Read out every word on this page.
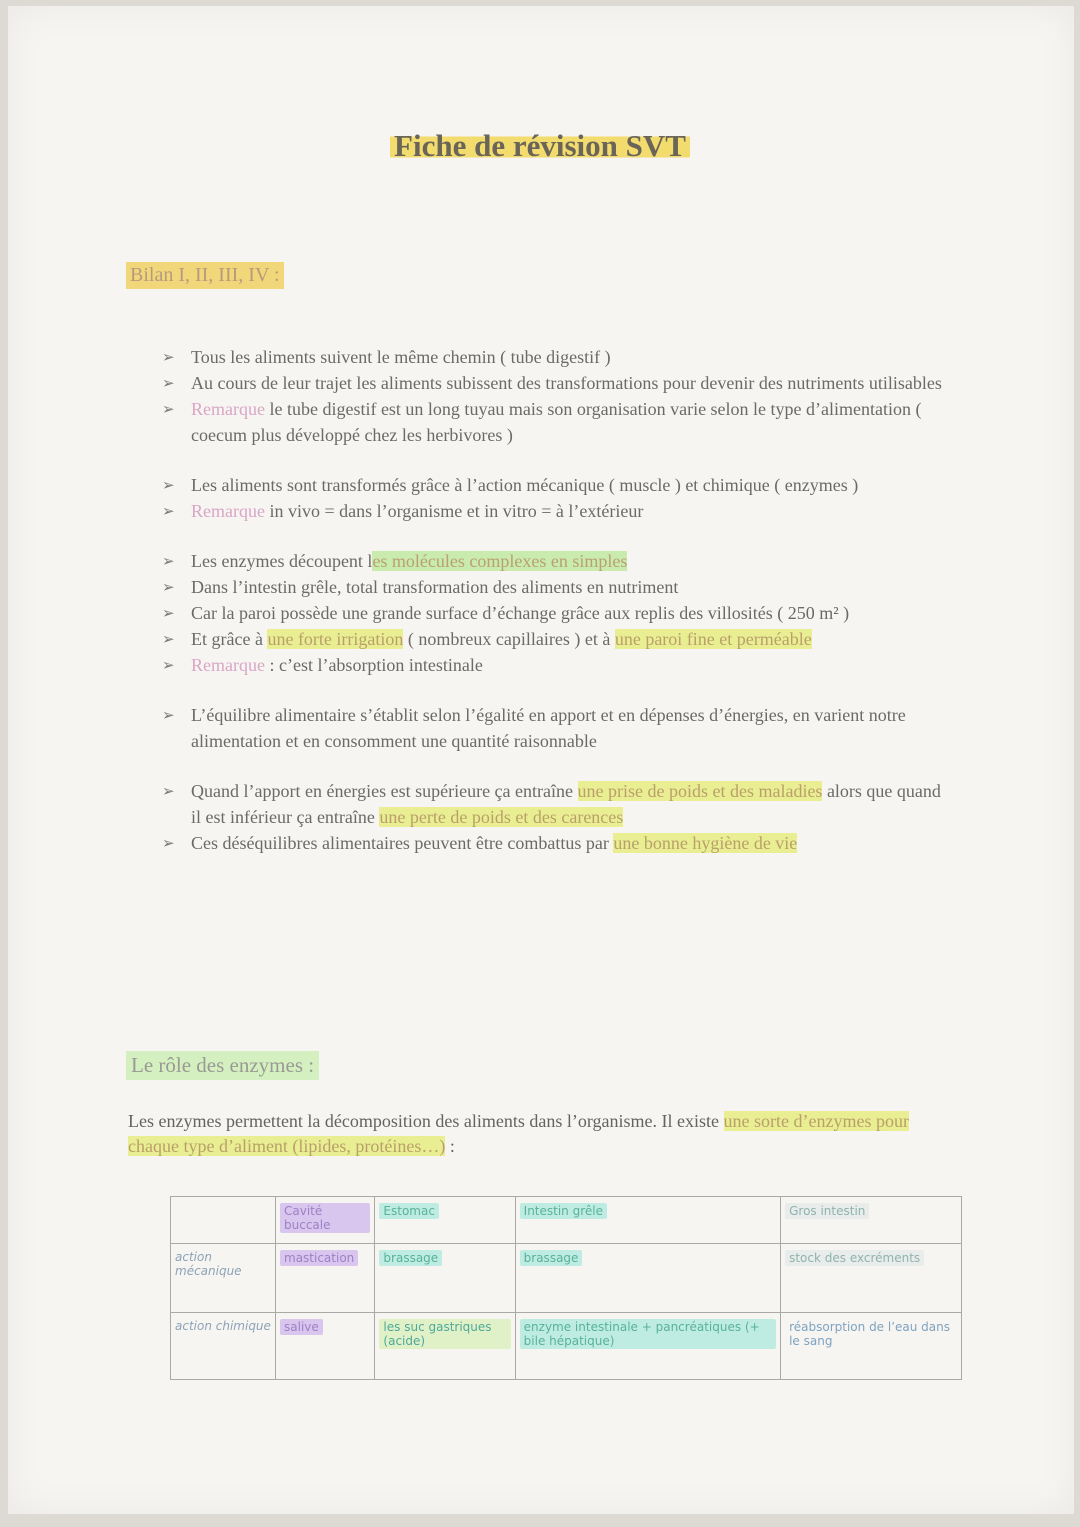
Fiche de révision SVT
Bilan I, II, III, IV :
➢ Tous les aliments suivent le même chemin ( tube digestif )
➢ Au cours de leur trajet les aliments subissent des transformations pour devenir des nutriments utilisables
➢ Remarque le tube digestif est un long tuyau mais son organisation varie selon le type d’alimentation ( coecum plus développé chez les herbivores )
➢ Les aliments sont transformés grâce à l’action mécanique ( muscle ) et chimique ( enzymes )
➢ Remarque in vivo = dans l’organisme et in vitro = à l’extérieur
➢ Les enzymes découpent les molécules complexes en simples
➢ Dans l’intestin grêle, total transformation des aliments en nutriment
➢ Car la paroi possède une grande surface d’échange grâce aux replis des villosités ( 250 m² )
➢ Et grâce à une forte irrigation ( nombreux capillaires ) et à une paroi fine et perméable
➢ Remarque : c’est l’absorption intestinale
➢ L’équilibre alimentaire s’établit selon l’égalité en apport et en dépenses d’énergies, en varient notre alimentation et en consomment une quantité raisonnable
➢ Quand l’apport en énergies est supérieure ça entraîne une prise de poids et des maladies alors que quand il est inférieur ça entraîne une perte de poids et des carences
➢ Ces déséquilibres alimentaires peuvent être combattus par une bonne hygiène de vie
Le rôle des enzymes :
Les enzymes permettent la décomposition des aliments dans l’organisme. Il existe une sorte d’enzymes pour chaque type d’aliment (lipides, protéines…) :
	Cavité buccale	Estomac	Intestin grêle	Gros intestin
action mécanique	mastication	brassage	brassage	stock des excréments
action chimique	salive	les suc gastriques (acide)	enzyme intestinale + pancréatiques (+ bile hépatique)	réabsorption de l’eau dans le sang
